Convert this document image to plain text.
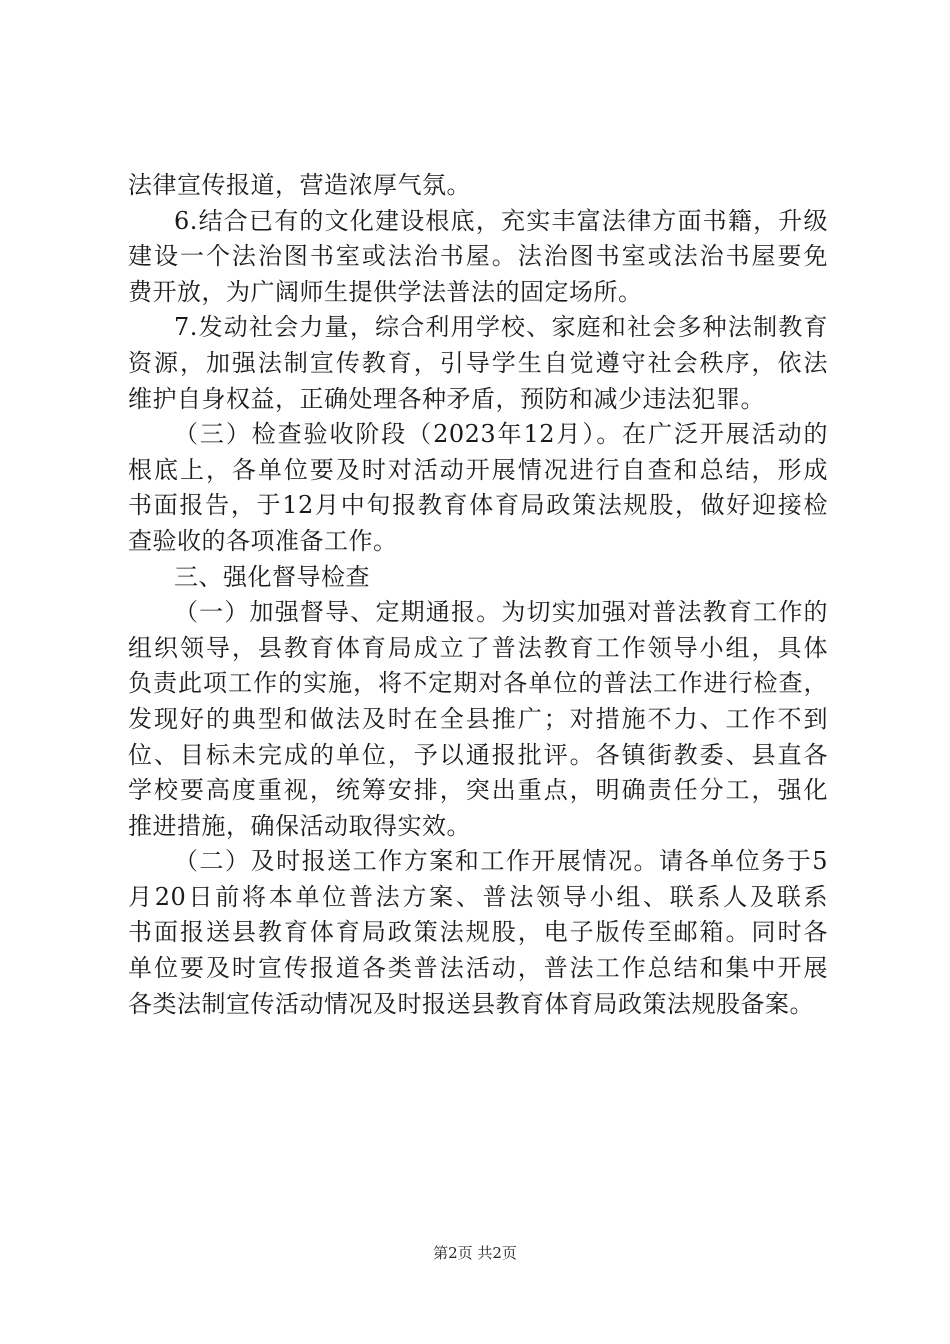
法律宣传报道，营造浓厚气氛。
6.结合已有的文化建设根底，充实丰富法律方面书籍，升级
建设一个法治图书室或法治书屋。法治图书室或法治书屋要免
费开放，为广阔师生提供学法普法的固定场所。
7.发动社会力量，综合利用学校、家庭和社会多种法制教育
资源，加强法制宣传教育，引导学生自觉遵守社会秩序，依法
维护自身权益，正确处理各种矛盾，预防和减少违法犯罪。
（三）检查验收阶段（2023年12月）。在广泛开展活动的
根底上，各单位要及时对活动开展情况进行自查和总结，形成
书面报告，于12月中旬报教育体育局政策法规股，做好迎接检
查验收的各项准备工作。
三、强化督导检查
（一）加强督导、定期通报。为切实加强对普法教育工作的
组织领导，县教育体育局成立了普法教育工作领导小组，具体
负责此项工作的实施，将不定期对各单位的普法工作进行检查，
发现好的典型和做法及时在全县推广；对措施不力、工作不到
位、目标未完成的单位，予以通报批评。各镇街教委、县直各
学校要高度重视，统筹安排，突出重点，明确责任分工，强化
推进措施，确保活动取得实效。
（二）及时报送工作方案和工作开展情况。请各单位务于5
月20日前将本单位普法方案、普法领导小组、联系人及联系
书面报送县教育体育局政策法规股，电子版传至邮箱。同时各
单位要及时宣传报道各类普法活动，普法工作总结和集中开展
各类法制宣传活动情况及时报送县教育体育局政策法规股备案。
第2页 共2页
